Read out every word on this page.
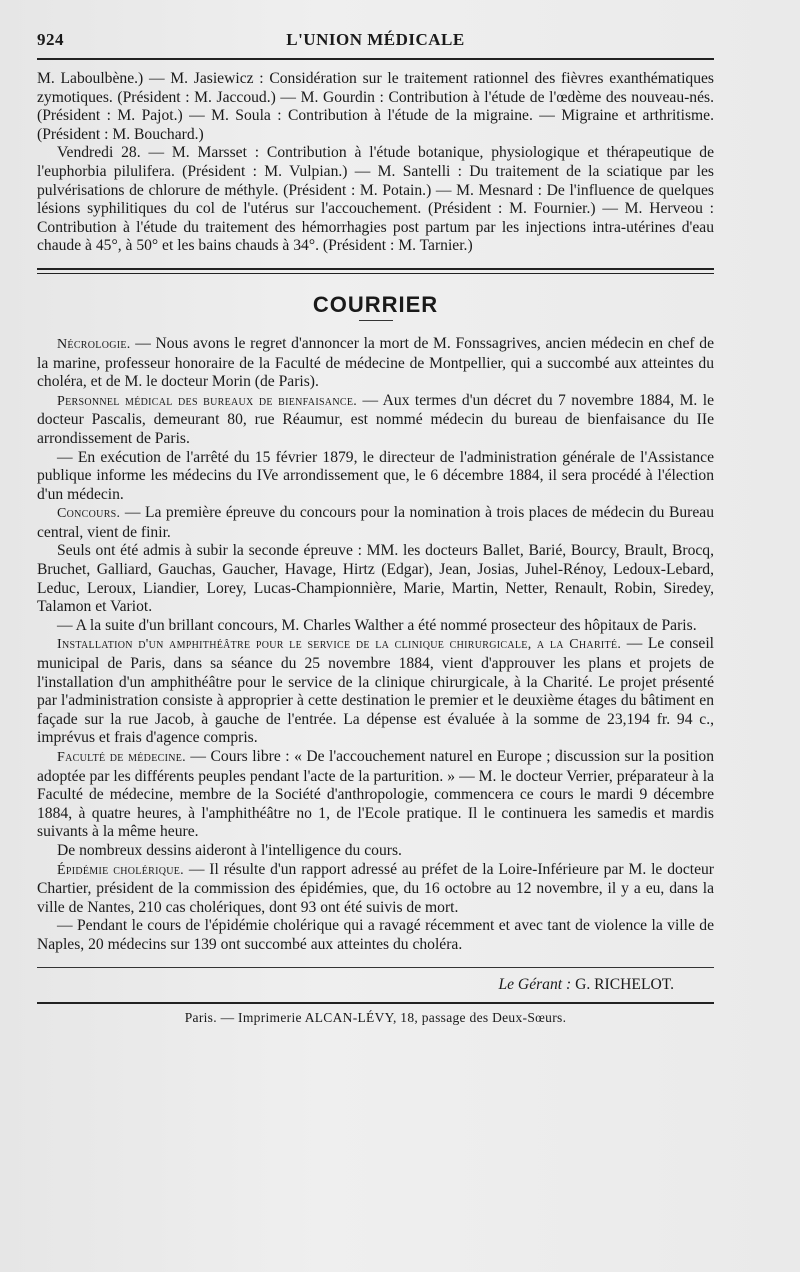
924	L'UNION MÉDICALE

M. Laboulbène.) — M. Jasiewicz : Considération sur le traitement rationnel des fièvres exanthématiques zymotiques. (Président : M. Jaccoud.) — M. Gourdin : Contribution à l'étude de l'œdème des nouveau-nés. (Président : M. Pajot.) — M. Soula : Contribution à l'étude de la migraine. — Migraine et arthritisme. (Président : M. Bouchard.)

Vendredi 28. — M. Marsset : Contribution à l'étude botanique, physiologique et thérapeutique de l'euphorbia pilulifera. (Président : M. Vulpian.) — M. Santelli : Du traitement de la sciatique par les pulvérisations de chlorure de méthyle. (Président : M. Potain.) — M. Mesnard : De l'influence de quelques lésions syphilitiques du col de l'utérus sur l'accouchement. (Président : M. Fournier.) — M. Herveou : Contribution à l'étude du traitement des hémorrhagies post partum par les injections intra-utérines d'eau chaude à 45°, à 50° et les bains chauds à 34°. (Président : M. Tarnier.)

COURRIER

Nécrologie. — Nous avons le regret d'annoncer la mort de M. Fonssagrives, ancien médecin en chef de la marine, professeur honoraire de la Faculté de médecine de Montpellier, qui a succombé aux atteintes du choléra, et de M. le docteur Morin (de Paris).

Personnel médical des bureaux de bienfaisance. — Aux termes d'un décret du 7 novembre 1884, M. le docteur Pascalis, demeurant 80, rue Réaumur, est nommé médecin du bureau de bienfaisance du IIe arrondissement de Paris.

— En exécution de l'arrêté du 15 février 1879, le directeur de l'administration générale de l'Assistance publique informe les médecins du IVe arrondissement que, le 6 décembre 1884, il sera procédé à l'élection d'un médecin.

Concours. — La première épreuve du concours pour la nomination à trois places de médecin du Bureau central, vient de finir.

Seuls ont été admis à subir la seconde épreuve : MM. les docteurs Ballet, Barié, Bourcy, Brault, Brocq, Bruchet, Galliard, Gauchas, Gaucher, Havage, Hirtz (Edgar), Jean, Josias, Juhel-Rénoy, Ledoux-Lebard, Leduc, Leroux, Liandier, Lorey, Lucas-Championnière, Marie, Martin, Netter, Renault, Robin, Siredey, Talamon et Variot.

— A la suite d'un brillant concours, M. Charles Walther a été nommé prosecteur des hôpitaux de Paris.

Installation d'un amphithéâtre pour le service de la clinique chirurgicale, a la Charité. — Le conseil municipal de Paris, dans sa séance du 25 novembre 1884, vient d'approuver les plans et projets de l'installation d'un amphithéâtre pour le service de la clinique chirurgicale, à la Charité. Le projet présenté par l'administration consiste à approprier à cette destination le premier et le deuxième étages du bâtiment en façade sur la rue Jacob, à gauche de l'entrée. La dépense est évaluée à la somme de 23,194 fr. 94 c., imprévus et frais d'agence compris.

Faculté de médecine. — Cours libre : « De l'accouchement naturel en Europe ; discussion sur la position adoptée par les différents peuples pendant l'acte de la parturition. » — M. le docteur Verrier, préparateur à la Faculté de médecine, membre de la Société d'anthropologie, commencera ce cours le mardi 9 décembre 1884, à quatre heures, à l'amphithéâtre no 1, de l'Ecole pratique. Il le continuera les samedis et mardis suivants à la même heure.

De nombreux dessins aideront à l'intelligence du cours.

Épidémie cholérique. — Il résulte d'un rapport adressé au préfet de la Loire-Inférieure par M. le docteur Chartier, président de la commission des épidémies, que, du 16 octobre au 12 novembre, il y a eu, dans la ville de Nantes, 210 cas cholériques, dont 93 ont été suivis de mort.

— Pendant le cours de l'épidémie cholérique qui a ravagé récemment et avec tant de violence la ville de Naples, 20 médecins sur 139 ont succombé aux atteintes du choléra.

Le Gérant : G. RICHELOT.
Paris. — Imprimerie ALCAN-LÉVY, 18, passage des Deux-Sœurs.
